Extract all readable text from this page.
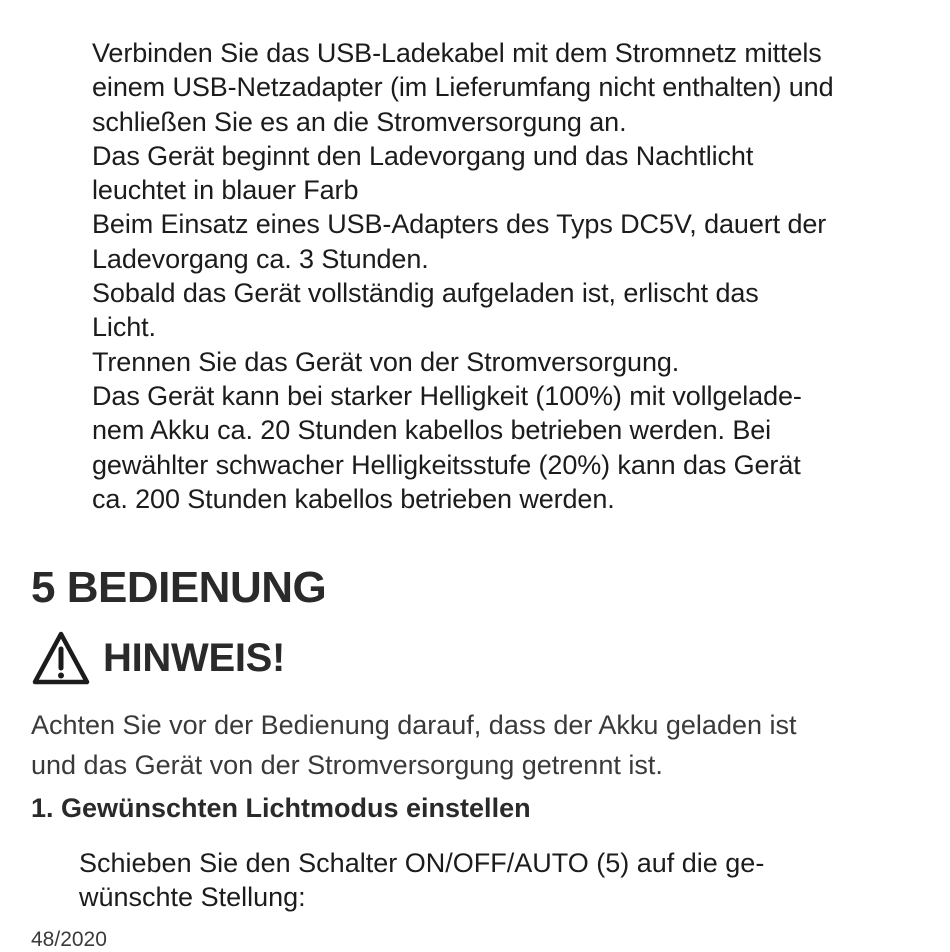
Verbinden Sie das USB-Ladekabel mit dem Stromnetz mittels

einem USB-Netzadapter (im Lieferumfang nicht enthalten) und

schließen Sie es an die Stromversorgung an.

Das Gerät beginnt den Ladevorgang und das Nachtlicht

leuchtet in blauer Farb

Beim Einsatz eines USB-Adapters des Typs DC5V, dauert der

Ladevorgang ca. 3 Stunden.

Sobald das Gerät vollständig aufgeladen ist, erlischt das

Licht.

Trennen Sie das Gerät von der Stromversorgung.

Das Gerät kann bei starker Helligkeit (100%) mit vollgelade-

nem Akku ca. 20 Stunden kabellos betrieben werden. Bei

gewählter schwacher Helligkeitsstufe (20%) kann das Gerät

ca. 200 Stunden kabellos betrieben werden.

5 BEDIENUNG
HINWEIS!

Achten Sie vor der Bedienung darauf, dass der Akku geladen ist
und das Gerät von der Stromversorgung getrennt ist.

1. Gewünschten Lichtmodus einstellen

Schieben Sie den Schalter ON/OFF/AUTO (5) auf die ge-
wünschte Stellung:

48/2020
